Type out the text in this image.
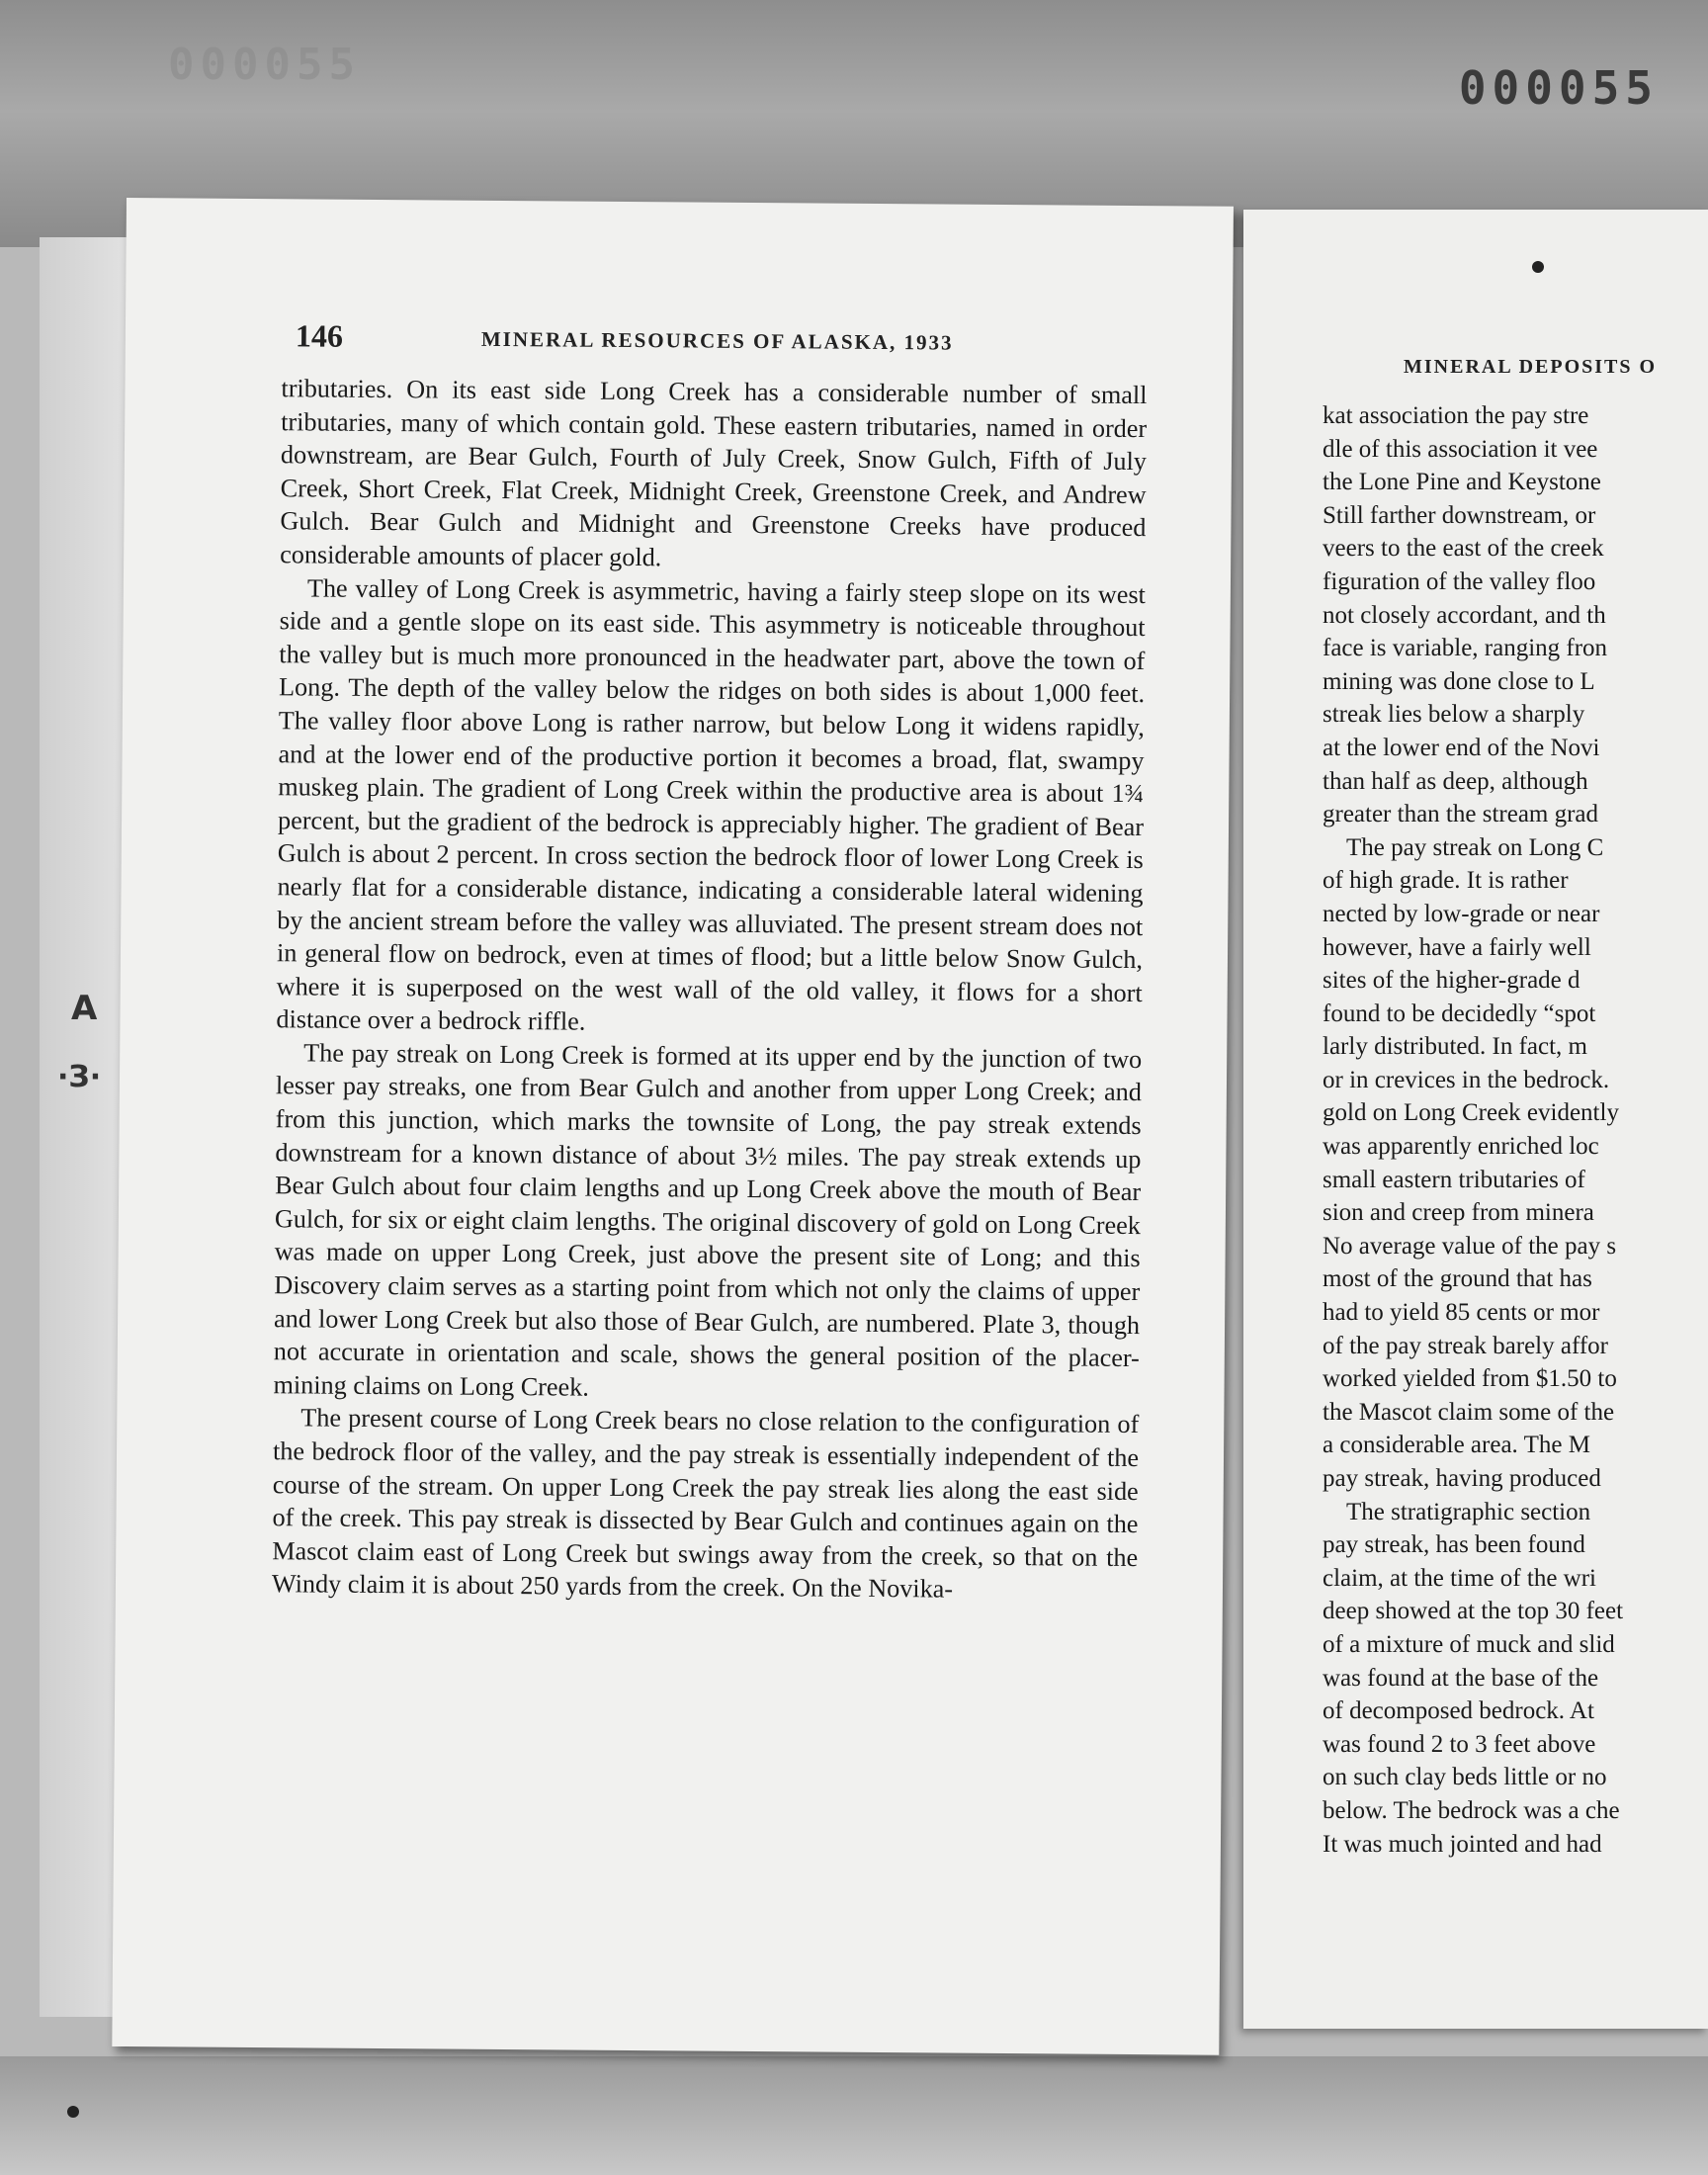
000055	000055
A
·З·
146	MINERAL RESOURCES OF ALASKA, 1933

tributaries. On its east side Long Creek has a considerable number of small tributaries, many of which contain gold. These eastern tributaries, named in order downstream, are Bear Gulch, Fourth of July Creek, Snow Gulch, Fifth of July Creek, Short Creek, Flat Creek, Midnight Creek, Greenstone Creek, and Andrew Gulch. Bear Gulch and Midnight and Greenstone Creeks have produced considerable amounts of placer gold.

The valley of Long Creek is asymmetric, having a fairly steep slope on its west side and a gentle slope on its east side. This asymmetry is noticeable throughout the valley but is much more pronounced in the headwater part, above the town of Long. The depth of the valley below the ridges on both sides is about 1,000 feet. The valley floor above Long is rather narrow, but below Long it widens rapidly, and at the lower end of the productive portion it becomes a broad, flat, swampy muskeg plain. The gradient of Long Creek within the productive area is about 1¾ percent, but the gradient of the bedrock is appreciably higher. The gradient of Bear Gulch is about 2 percent. In cross section the bedrock floor of lower Long Creek is nearly flat for a considerable distance, indicating a considerable lateral widening by the ancient stream before the valley was alluviated. The present stream does not in general flow on bedrock, even at times of flood; but a little below Snow Gulch, where it is superposed on the west wall of the old valley, it flows for a short distance over a bedrock riffle.

The pay streak on Long Creek is formed at its upper end by the junction of two lesser pay streaks, one from Bear Gulch and another from upper Long Creek; and from this junction, which marks the townsite of Long, the pay streak extends downstream for a known distance of about 3½ miles. The pay streak extends up Bear Gulch about four claim lengths and up Long Creek above the mouth of Bear Gulch, for six or eight claim lengths. The original discovery of gold on Long Creek was made on upper Long Creek, just above the present site of Long; and this Discovery claim serves as a starting point from which not only the claims of upper and lower Long Creek but also those of Bear Gulch, are numbered. Plate 3, though not accurate in orientation and scale, shows the general position of the placer-mining claims on Long Creek.

The present course of Long Creek bears no close relation to the configuration of the bedrock floor of the valley, and the pay streak is essentially independent of the course of the stream. On upper Long Creek the pay streak lies along the east side of the creek. This pay streak is dissected by Bear Gulch and continues again on the Mascot claim east of Long Creek but swings away from the creek, so that on the Windy claim it is about 250 yards from the creek. On the Novika-

MINERAL DEPOSITS O
kat association the pay stre
dle of this association it vee
the Lone Pine and Keystone
Still farther downstream, or
veers to the east of the creek
figuration of the valley floo
not closely accordant, and th
face is variable, ranging fron
mining was done close to L
streak lies below a sharply
at the lower end of the Novi
than half as deep, although
greater than the stream grad
The pay streak on Long C
of high grade. It is rather
nected by low-grade or near
however, have a fairly well
sites of the higher-grade d
found to be decidedly “spot
larly distributed. In fact, m
or in crevices in the bedrock.
gold on Long Creek evidently
was apparently enriched loc
small eastern tributaries of
sion and creep from minera
No average value of the pay s
most of the ground that has
had to yield 85 cents or mor
of the pay streak barely affor
worked yielded from $1.50 to
the Mascot claim some of the
a considerable area. The M
pay streak, having produced
The stratigraphic section
pay streak, has been found
claim, at the time of the wri
deep showed at the top 30 feet
of a mixture of muck and slid
was found at the base of the
of decomposed bedrock. At
was found 2 to 3 feet above
on such clay beds little or no
below. The bedrock was a che
It was much jointed and had
